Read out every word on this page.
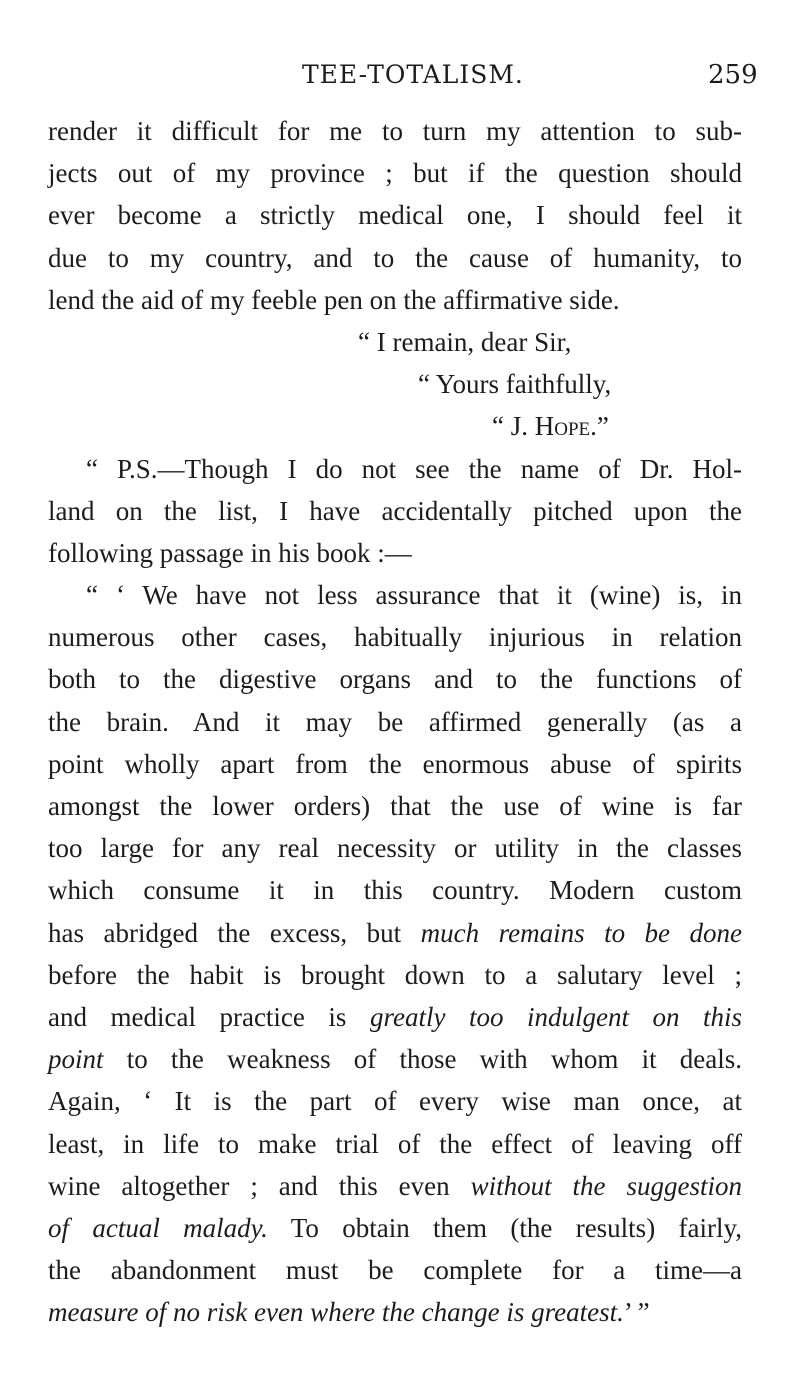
TEE-TOTALISM.	259
render it difficult for me to turn my attention to sub-
jects out of my province ; but if the question should
ever become a strictly medical one, I should feel it
due to my country, and to the cause of humanity, to
lend the aid of my feeble pen on the affirmative side.
“ I remain, dear Sir,
“ Yours faithfully,
“ J. Hope.”
“ P.S.—Though I do not see the name of Dr. Hol-
land on the list, I have accidentally pitched upon the
following passage in his book :—
“ ‘ We have not less assurance that it (wine) is, in
numerous other cases, habitually injurious in relation
both to the digestive organs and to the functions of
the brain. And it may be affirmed generally (as a
point wholly apart from the enormous abuse of spirits
amongst the lower orders) that the use of wine is far
too large for any real necessity or utility in the classes
which consume it in this country. Modern custom
has abridged the excess, but much remains to be done
before the habit is brought down to a salutary level ;
and medical practice is greatly too indulgent on this
point to the weakness of those with whom it deals.
Again, ‘ It is the part of every wise man once, at
least, in life to make trial of the effect of leaving off
wine altogether ; and this even without the suggestion
of actual malady. To obtain them (the results) fairly,
the abandonment must be complete for a time—a
measure of no risk even where the change is greatest.’ ”
